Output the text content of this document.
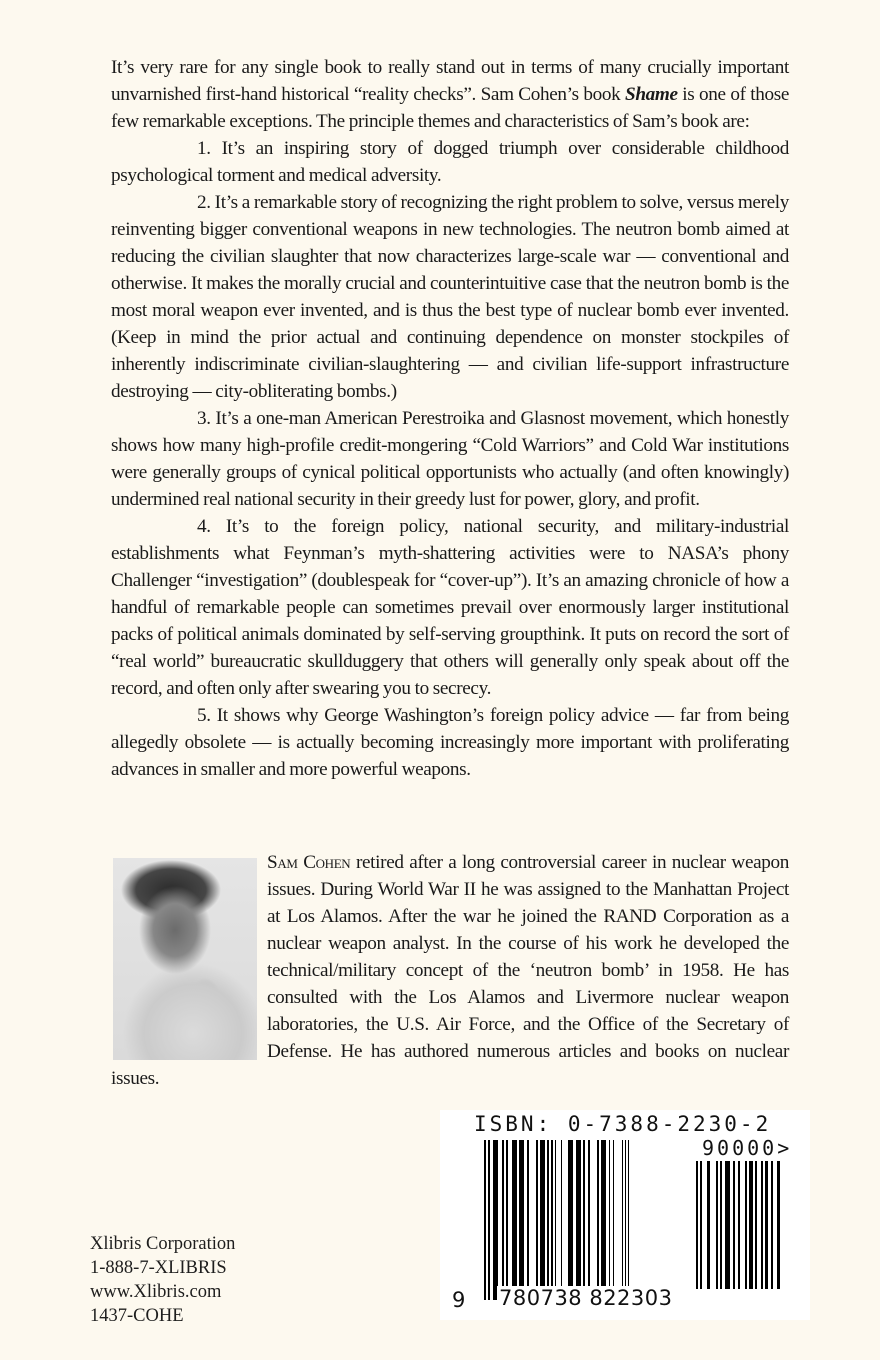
It’s very rare for any single book to really stand out in terms of many crucially important unvarnished first-hand historical “reality checks”. Sam Cohen’s book Shame is one of those few remarkable exceptions. The principle themes and characteristics of Sam’s book are:

1. It’s an inspiring story of dogged triumph over considerable childhood psychological torment and medical adversity.

2. It’s a remarkable story of recognizing the right problem to solve, versus merely reinventing bigger conventional weapons in new technologies. The neutron bomb aimed at reducing the civilian slaughter that now characterizes large-scale war — conventional and otherwise. It makes the morally crucial and counterintuitive case that the neutron bomb is the most moral weapon ever invented, and is thus the best type of nuclear bomb ever invented. (Keep in mind the prior actual and continuing dependence on monster stockpiles of inherently indiscriminate civilian-slaughtering — and civilian life-support infrastructure destroying — city-obliterating bombs.)

3. It’s a one-man American Perestroika and Glasnost movement, which honestly shows how many high-profile credit-mongering “Cold Warriors” and Cold War institutions were generally groups of cynical political opportunists who actually (and often knowingly) undermined real national security in their greedy lust for power, glory, and profit.

4. It’s to the foreign policy, national security, and military-industrial establishments what Feynman’s myth-shattering activities were to NASA’s phony Challenger “investigation” (doublespeak for “cover-up”). It’s an amazing chronicle of how a handful of remarkable people can sometimes prevail over enormously larger institutional packs of political animals dominated by self-serving groupthink. It puts on record the sort of “real world” bureaucratic skullduggery that others will generally only speak about off the record, and often only after swearing you to secrecy.

5. It shows why George Washington’s foreign policy advice — far from being allegedly obsolete — is actually becoming increasingly more important with proliferating advances in smaller and more powerful weapons.

Sam Cohen retired after a long controversial career in nuclear weapon issues. During World War II he was assigned to the Manhattan Project at Los Alamos. After the war he joined the RAND Corporation as a nuclear weapon analyst. In the course of his work he developed the technical/military concept of the ‘neutron bomb’ in 1958. He has consulted with the Los Alamos and Livermore nuclear weapon laboratories, the U.S. Air Force, and the Office of the Secretary of Defense. He has authored numerous articles and books on nuclear issues.

Xlibris Corporation
1-888-7-XLIBRIS
www.Xlibris.com
1437-COHE
ISBN: 0-7388-2230-2
90000>
9 780738 822303
